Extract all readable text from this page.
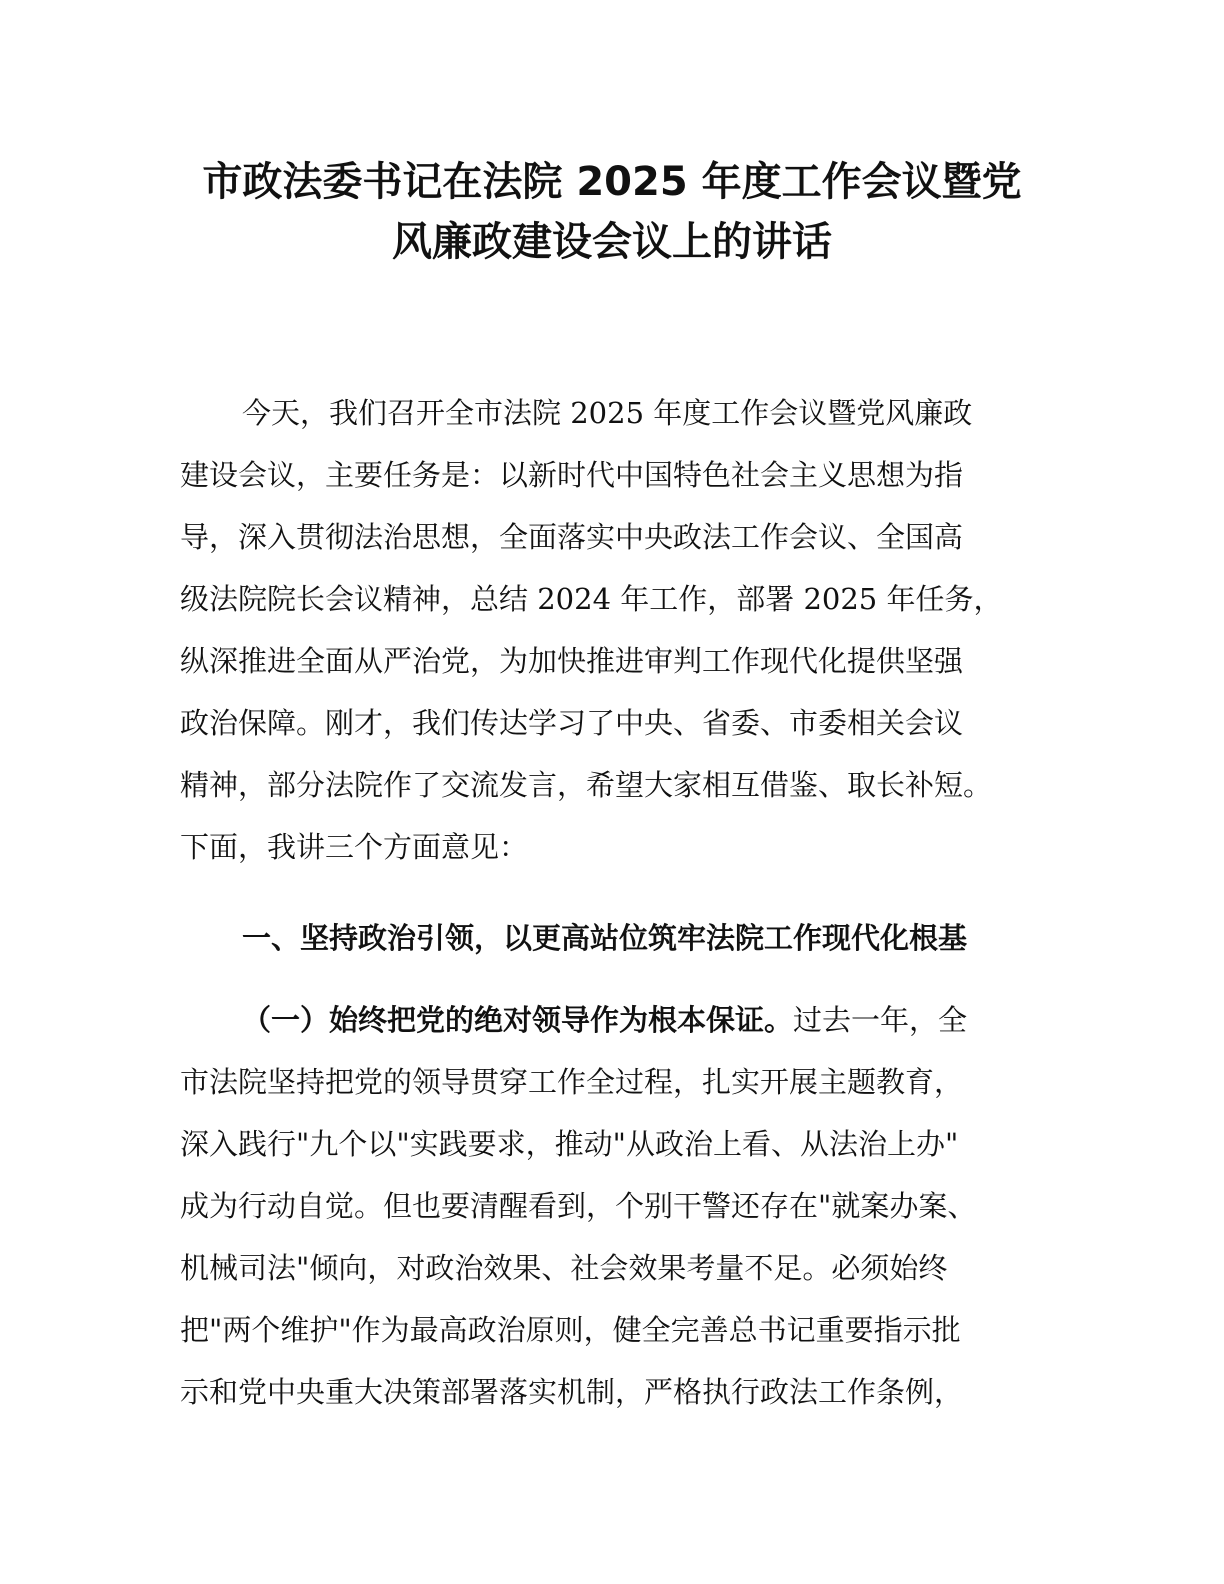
市政法委书记在法院 2025 年度工作会议暨党
风廉政建设会议上的讲话

今天，我们召开全市法院 2025 年度工作会议暨党风廉政

建设会议，主要任务是：以新时代中国特色社会主义思想为指

导，深入贯彻法治思想，全面落实中央政法工作会议、全国高

级法院院长会议精神，总结 2024 年工作，部署 2025 年任务，

纵深推进全面从严治党，为加快推进审判工作现代化提供坚强

政治保障。刚才，我们传达学习了中央、省委、市委相关会议

精神，部分法院作了交流发言，希望大家相互借鉴、取长补短。

下面，我讲三个方面意见：

一、坚持政治引领，以更高站位筑牢法院工作现代化根基

（一）始终把党的绝对领导作为根本保证。过去一年，全

市法院坚持把党的领导贯穿工作全过程，扎实开展主题教育，

深入践行"九个以"实践要求，推动"从政治上看、从法治上办"

成为行动自觉。但也要清醒看到，个别干警还存在"就案办案、

机械司法"倾向，对政治效果、社会效果考量不足。必须始终

把"两个维护"作为最高政治原则，健全完善总书记重要指示批

示和党中央重大决策部署落实机制，严格执行政法工作条例，
